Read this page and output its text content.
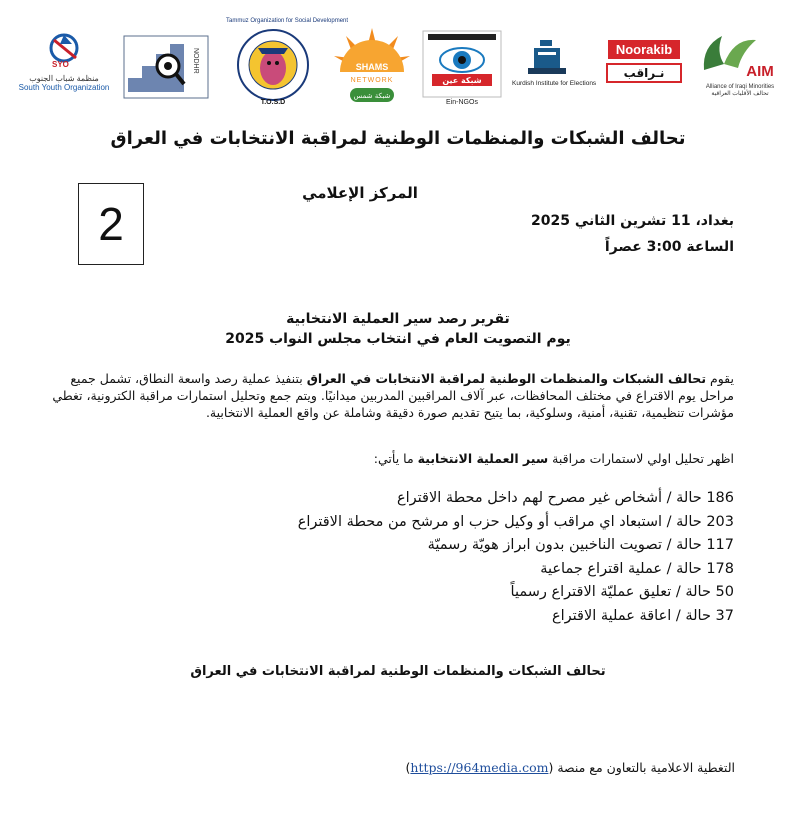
SYO
منظمة شباب الجنوب
South Youth Organization
NODHR
T.O.S.D
Tammuz Organization for Social Development
SHAMS
NETWORK
شبكة شمس
شبكة عين
Ein-NGOs
Kurdish Institute for Elections
Noorakib
نـراقب	AIM
Alliance of Iraqi Minorities
تحالف الأقليات العراقية
تحالف الشبكات والمنظمات الوطنية لمراقبة الانتخابات في العراق
المركز الإعلامي
2	بغداد، 11 تشرين الثاني 2025
الساعة 3:00 عصراً
تقرير رصد سير العملية الانتخابية
يوم التصويت العام في انتخاب مجلس النواب 2025
يقوم تحالف الشبكات والمنظمات الوطنية لمراقبة الانتخابات في العراق بتنفيذ عملية رصد واسعة النطاق، تشمل جميع مراحل يوم الاقتراع في مختلف المحافظات، عبر آلاف المراقبين المدربين ميدانيًا. ويتم جمع وتحليل استمارات مراقبة الكترونية، تغطي مؤشرات تنظيمية، تقنية، أمنية، وسلوكية، بما يتيح تقديم صورة دقيقة وشاملة عن واقع العملية الانتخابية.
اظهر تحليل اولي لاستمارات مراقبة سير العملية الانتخابية ما يأتي:
186 حالة / أشخاص غير مصرح لهم داخل محطة الاقتراع
203 حالة / استبعاد اي مراقب أو وكيل حزب او مرشح من محطة الاقتراع
117 حالة / تصويت الناخبين بدون ابراز هويّة رسميّة
178 حالة / عملية اقتراع جماعية
50 حالة / تعليق عمليّة الاقتراع رسمياً
37 حالة / اعاقة عملية الاقتراع
تحالف الشبكات والمنظمات الوطنية لمراقبة الانتخابات في العراق
التغطية الاعلامية بالتعاون مع منصة (https://964media.com)
